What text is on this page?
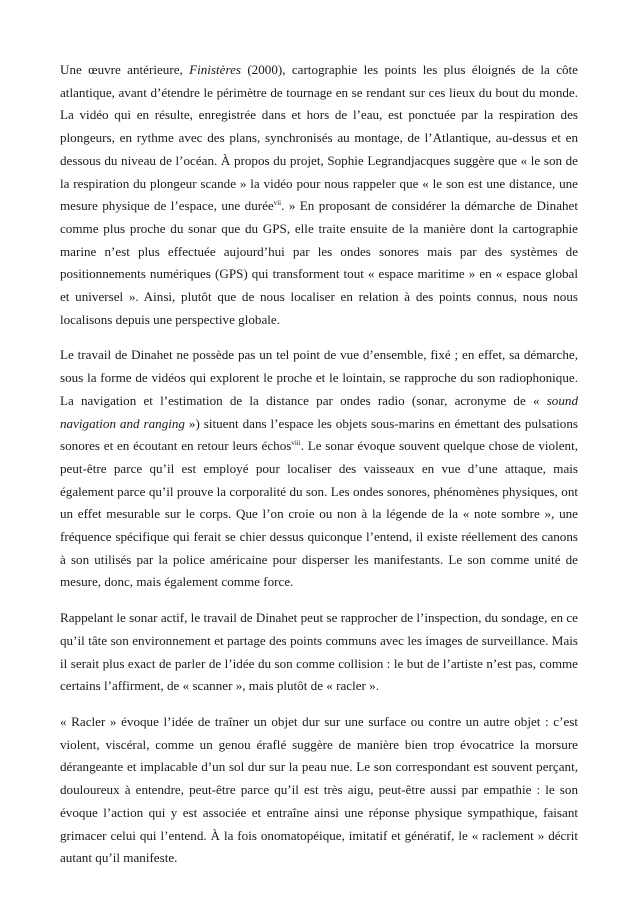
Une œuvre antérieure, Finistères (2000), cartographie les points les plus éloignés de la côte atlantique, avant d’étendre le périmètre de tournage en se rendant sur ces lieux du bout du monde. La vidéo qui en résulte, enregistrée dans et hors de l’eau, est ponctuée par la respiration des plongeurs, en rythme avec des plans, synchronisés au montage, de l’Atlantique, au-dessus et en dessous du niveau de l’océan. À propos du projet, Sophie Legrandjacques suggère que « le son de la respiration du plongeur scande » la vidéo pour nous rappeler que « le son est une distance, une mesure physique de l’espace, une durée$^{vii}$. » En proposant de considérer la démarche de Dinahet comme plus proche du sonar que du GPS, elle traite ensuite de la manière dont la cartographie marine n’est plus effectuée aujourd’hui par les ondes sonores mais par des systèmes de positionnements numériques (GPS) qui transforment tout « espace maritime » en « espace global et universel ». Ainsi, plutôt que de nous localiser en relation à des points connus, nous nous localisons depuis une perspective globale.

Le travail de Dinahet ne possède pas un tel point de vue d’ensemble, fixé ; en effet, sa démarche, sous la forme de vidéos qui explorent le proche et le lointain, se rapproche du son radiophonique. La navigation et l’estimation de la distance par ondes radio (sonar, acronyme de « sound navigation and ranging ») situent dans l’espace les objets sous-marins en émettant des pulsations sonores et en écoutant en retour leurs échos$^{viii}$. Le sonar évoque souvent quelque chose de violent, peut-être parce qu’il est employé pour localiser des vaisseaux en vue d’une attaque, mais également parce qu’il prouve la corporalité du son. Les ondes sonores, phénomènes physiques, ont un effet mesurable sur le corps. Que l’on croie ou non à la légende de la « note sombre », une fréquence spécifique qui ferait se chier dessus quiconque l’entend, il existe réellement des canons à son utilisés par la police américaine pour disperser les manifestants. Le son comme unité de mesure, donc, mais également comme force.

Rappelant le sonar actif, le travail de Dinahet peut se rapprocher de l’inspection, du sondage, en ce qu’il tâte son environnement et partage des points communs avec les images de surveillance. Mais il serait plus exact de parler de l’idée du son comme collision : le but de l’artiste n’est pas, comme certains l’affirment, de « scanner », mais plutôt de « racler ».

« Racler » évoque l’idée de traîner un objet dur sur une surface ou contre un autre objet : c’est violent, viscéral, comme un genou éraflé suggère de manière bien trop évocatrice la morsure dérangeante et implacable d’un sol dur sur la peau nue. Le son correspondant est souvent perçant, douloureux à entendre, peut-être parce qu’il est très aigu, peut-être aussi par empathie : le son évoque l’action qui y est associée et entraîne ainsi une réponse physique sympathique, faisant grimacer celui qui l’entend. À la fois onomatopéique, imitatif et génératif, le « raclement » décrit autant qu’il manifeste.
